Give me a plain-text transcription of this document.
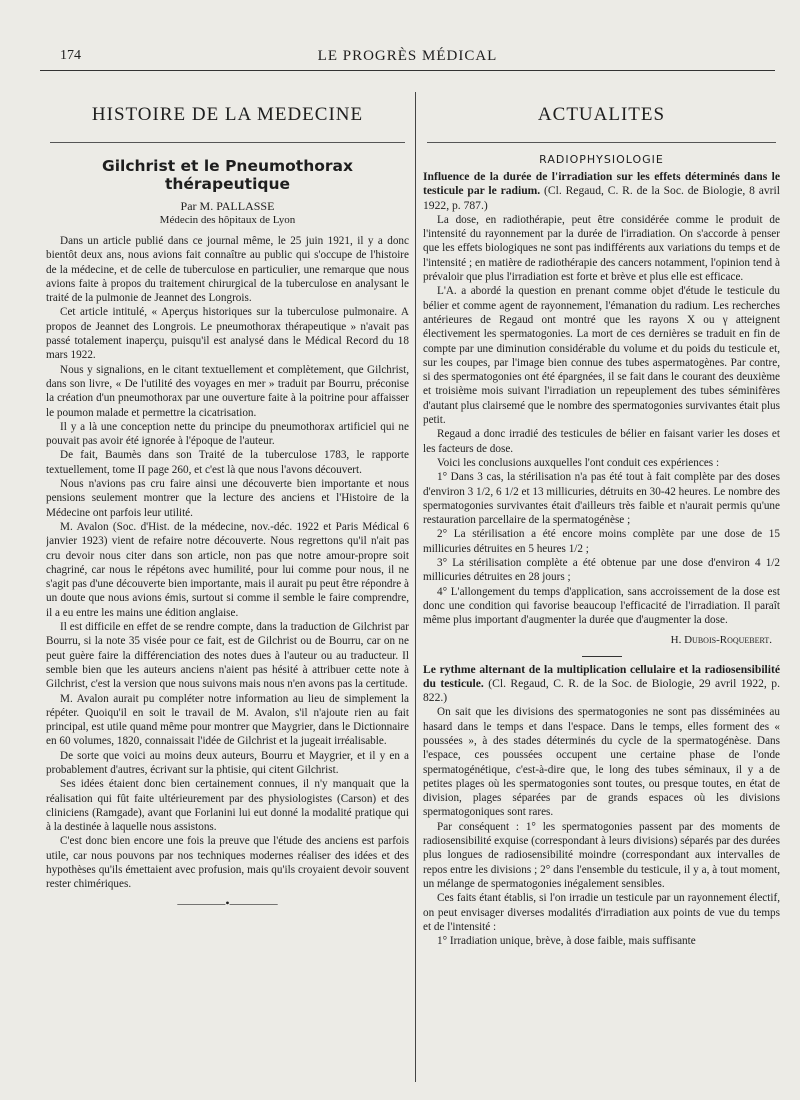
174	LE PROGRÈS MÉDICAL
HISTOIRE DE LA MEDECINE
Gilchrist et le Pneumothorax thérapeutique
Par M. PALLASSE
Médecin des hôpitaux de Lyon

Dans un article publié dans ce journal même, le 25 juin 1921, il y a donc bientôt deux ans, nous avions fait connaître au public qui s'occupe de l'histoire de la médecine, et de celle de tuberculose en particulier, une remarque que nous avions faite à propos du traitement chirurgical de la tuberculose en analysant le traité de la pulmonie de Jeannet des Longrois.

Cet article intitulé, « Aperçus historiques sur la tuberculose pulmonaire. A propos de Jeannet des Longrois. Le pneumothorax thérapeutique » n'avait pas passé totalement inaperçu, puisqu'il est analysé dans le Médical Record du 18 mars 1922.

Nous y signalions, en le citant textuellement et complètement, que Gilchrist, dans son livre, « De l'utilité des voyages en mer » traduit par Bourru, préconise la création d'un pneumothorax par une ouverture faite à la poitrine pour affaisser le poumon malade et permettre la cicatrisation.

Il y a là une conception nette du principe du pneumothorax artificiel qui ne pouvait pas avoir été ignorée à l'époque de l'auteur.

De fait, Baumès dans son Traité de la tuberculose 1783, le rapporte textuellement, tome II page 260, et c'est là que nous l'avons découvert.

Nous n'avions pas cru faire ainsi une découverte bien importante et nous pensions seulement montrer que la lecture des anciens et l'Histoire de la Médecine ont parfois leur utilité.

M. Avalon (Soc. d'Hist. de la médecine, nov.-déc. 1922 et Paris Médical 6 janvier 1923) vient de refaire notre découverte. Nous regrettons qu'il n'ait pas cru devoir nous citer dans son article, non pas que notre amour-propre soit chagriné, car nous le répétons avec humilité, pour lui comme pour nous, il ne s'agit pas d'une découverte bien importante, mais il aurait pu peut être répondre à un doute que nous avions émis, surtout si comme il semble le faire comprendre, il a eu entre les mains une édition anglaise.

Il est difficile en effet de se rendre compte, dans la traduction de Gilchrist par Bourru, si la note 35 visée pour ce fait, est de Gilchrist ou de Bourru, car on ne peut guère faire la différenciation des notes dues à l'auteur ou au traducteur. Il semble bien que les auteurs anciens n'aient pas hésité à attribuer cette note à Gilchrist, c'est la version que nous suivons mais nous n'en avons pas la certitude.

M. Avalon aurait pu compléter notre information au lieu de simplement la répéter. Quoiqu'il en soit le travail de M. Avalon, s'il n'ajoute rien au fait principal, est utile quand même pour montrer que Maygrier, dans le Dictionnaire en 60 volumes, 1820, connaissait l'idée de Gilchrist et la jugeait irréalisable.

De sorte que voici au moins deux auteurs, Bourru et Maygrier, et il y en a probablement d'autres, écrivant sur la phtisie, qui citent Gilchrist.

Ses idées étaient donc bien certainement connues, il n'y manquait que la réalisation qui fût faite ultérieurement par des physiologistes (Carson) et des cliniciens (Ramgade), avant que Forlanini lui eut donné la modalité pratique qui à la destinée à laquelle nous assistons.

C'est donc bien encore une fois la preuve que l'étude des anciens est parfois utile, car nous pouvons par nos techniques modernes réaliser des idées et des hypothèses qu'ils émettaient avec profusion, mais qu'ils croyaient devoir souvent rester chimériques.

————•————
ACTUALITES
RADIOPHYSIOLOGIE
Influence de la durée de l'irradiation sur les effets déterminés dans le testicule par le radium. (Cl. Regaud, C. R. de la Soc. de Biologie, 8 avril 1922, p. 787.)

La dose, en radiothérapie, peut être considérée comme le produit de l'intensité du rayonnement par la durée de l'irradiation. On s'accorde à penser que les effets biologiques ne sont pas indifférents aux variations du temps et de l'intensité ; en matière de radiothérapie des cancers notamment, l'opinion tend à prévaloir que plus l'irradiation est forte et brève et plus elle est efficace.

L'A. a abordé la question en prenant comme objet d'étude le testicule du bélier et comme agent de rayonnement, l'émanation du radium. Les recherches antérieures de Regaud ont montré que les rayons X ou γ atteignent électivement les spermatogonies. La mort de ces dernières se traduit en fin de compte par une diminution considérable du volume et du poids du testicule et, sur les coupes, par l'image bien connue des tubes aspermatogènes. Par contre, si des spermatogonies ont été épargnées, il se fait dans le courant des deuxième et troisième mois suivant l'irradiation un repeuplement des tubes séminifères d'autant plus clairsemé que le nombre des spermatogonies survivantes était plus petit.

Regaud a donc irradié des testicules de bélier en faisant varier les doses et les facteurs de dose.

Voici les conclusions auxquelles l'ont conduit ces expériences :

1° Dans 3 cas, la stérilisation n'a pas été tout à fait complète par des doses d'environ 3 1/2, 6 1/2 et 13 millicuries, détruits en 30-42 heures. Le nombre des spermatogonies survivantes était d'ailleurs très faible et n'aurait permis qu'une restauration parcellaire de la spermatogénèse ;

2° La stérilisation a été encore moins complète par une dose de 15 millicuries détruites en 5 heures 1/2 ;

3° La stérilisation complète a été obtenue par une dose d'environ 4 1/2 millicuries détruites en 28 jours ;

4° L'allongement du temps d'application, sans accroissement de la dose est donc une condition qui favorise beaucoup l'efficacité de l'irradiation. Il paraît même plus important d'augmenter la durée que d'augmenter la dose.

H. Dubois-Roquebert.
Le rythme alternant de la multiplication cellulaire et la radiosensibilité du testicule. (Cl. Regaud, C. R. de la Soc. de Biologie, 29 avril 1922, p. 822.)

On sait que les divisions des spermatogonies ne sont pas disséminées au hasard dans le temps et dans l'espace. Dans le temps, elles forment des « poussées », à des stades déterminés du cycle de la spermatogénèse. Dans l'espace, ces poussées occupent une certaine phase de l'onde spermatogénétique, c'est-à-dire que, le long des tubes séminaux, il y a de petites plages où les spermatogonies sont toutes, ou presque toutes, en état de division, plages séparées par de grands espaces où les divisions spermatogoniques sont rares.

Par conséquent : 1° les spermatogonies passent par des moments de radiosensibilité exquise (correspondant à leurs divisions) séparés par des durées plus longues de radiosensibilité moindre (correspondant aux intervalles de repos entre les divisions ; 2° dans l'ensemble du testicule, il y a, à tout moment, un mélange de spermatogonies inégalement sensibles.

Ces faits étant établis, si l'on irradie un testicule par un rayonnement électif, on peut envisager diverses modalités d'irradiation aux points de vue du temps et de l'intensité :

1° Irradiation unique, brève, à dose faible, mais suffisante
